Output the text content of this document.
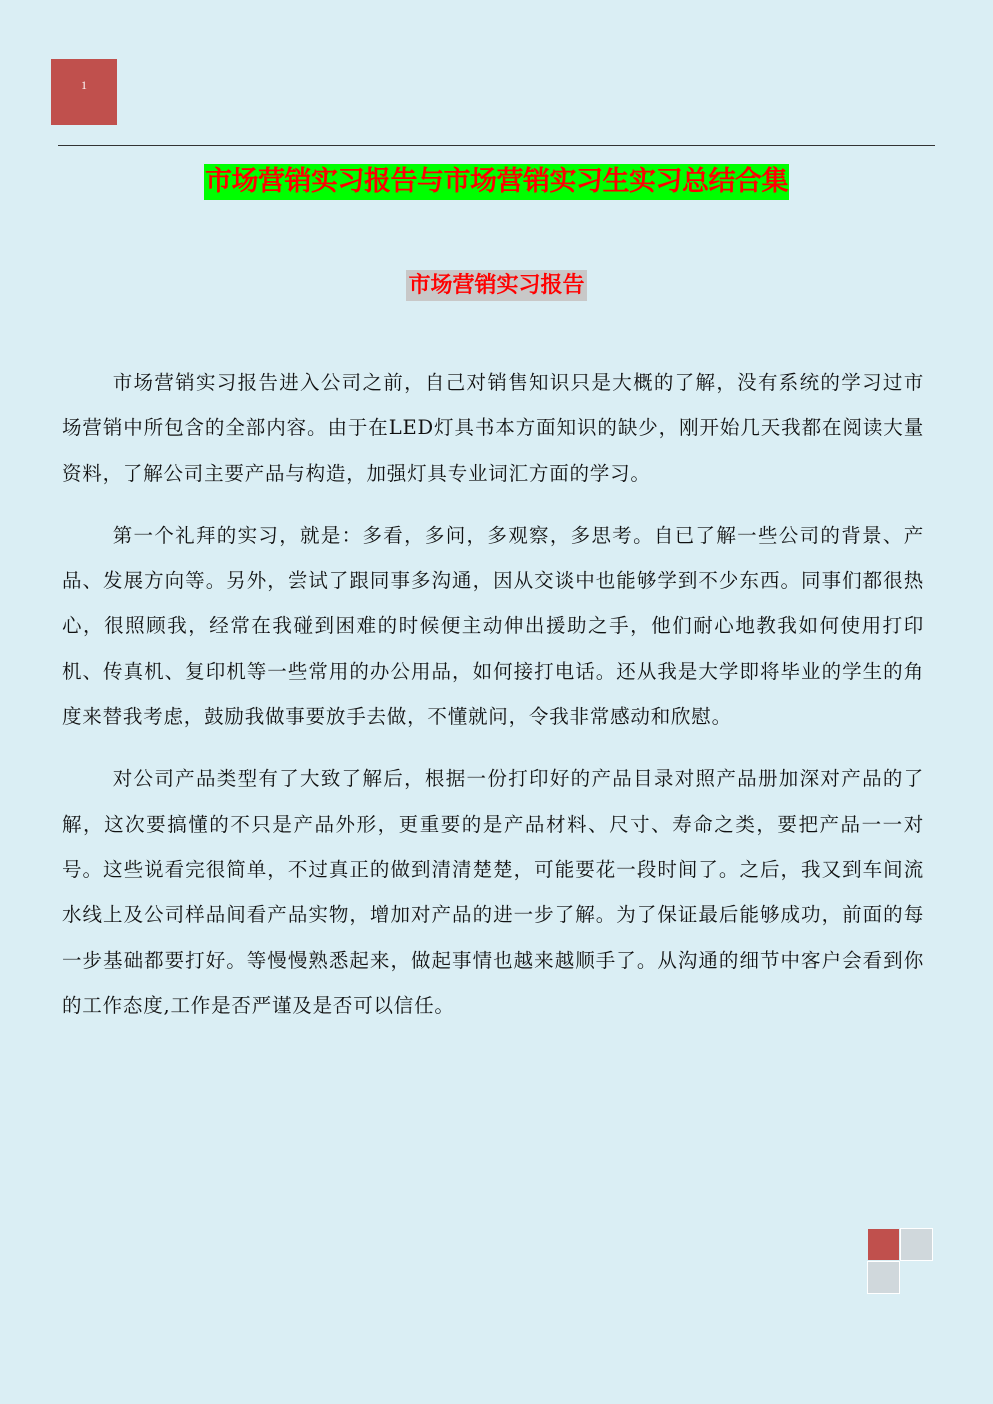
1
市场营销实习报告与市场营销实习生实习总结合集
市场营销实习报告

市场营销实习报告进入公司之前，自己对销售知识只是大概的了解，没有系统的学习过市场营销中所包含的全部内容。由于在LED灯具书本方面知识的缺少，刚开始几天我都在阅读大量资料，了解公司主要产品与构造，加强灯具专业词汇方面的学习。

第一个礼拜的实习，就是：多看，多问，多观察，多思考。自已了解一些公司的背景、产品、发展方向等。另外，尝试了跟同事多沟通，因从交谈中也能够学到不少东西。同事们都很热心，很照顾我，经常在我碰到困难的时候便主动伸出援助之手，他们耐心地教我如何使用打印机、传真机、复印机等一些常用的办公用品，如何接打电话。还从我是大学即将毕业的学生的角度来替我考虑，鼓励我做事要放手去做，不懂就问，令我非常感动和欣慰。

对公司产品类型有了大致了解后，根据一份打印好的产品目录对照产品册加深对产品的了解，这次要搞懂的不只是产品外形，更重要的是产品材料、尺寸、寿命之类，要把产品一一对号。这些说看完很简单，不过真正的做到清清楚楚，可能要花一段时间了。之后，我又到车间流水线上及公司样品间看产品实物，增加对产品的进一步了解。为了保证最后能够成功，前面的每一步基础都要打好。等慢慢熟悉起来，做起事情也越来越顺手了。从沟通的细节中客户会看到你的工作态度,工作是否严谨及是否可以信任。
